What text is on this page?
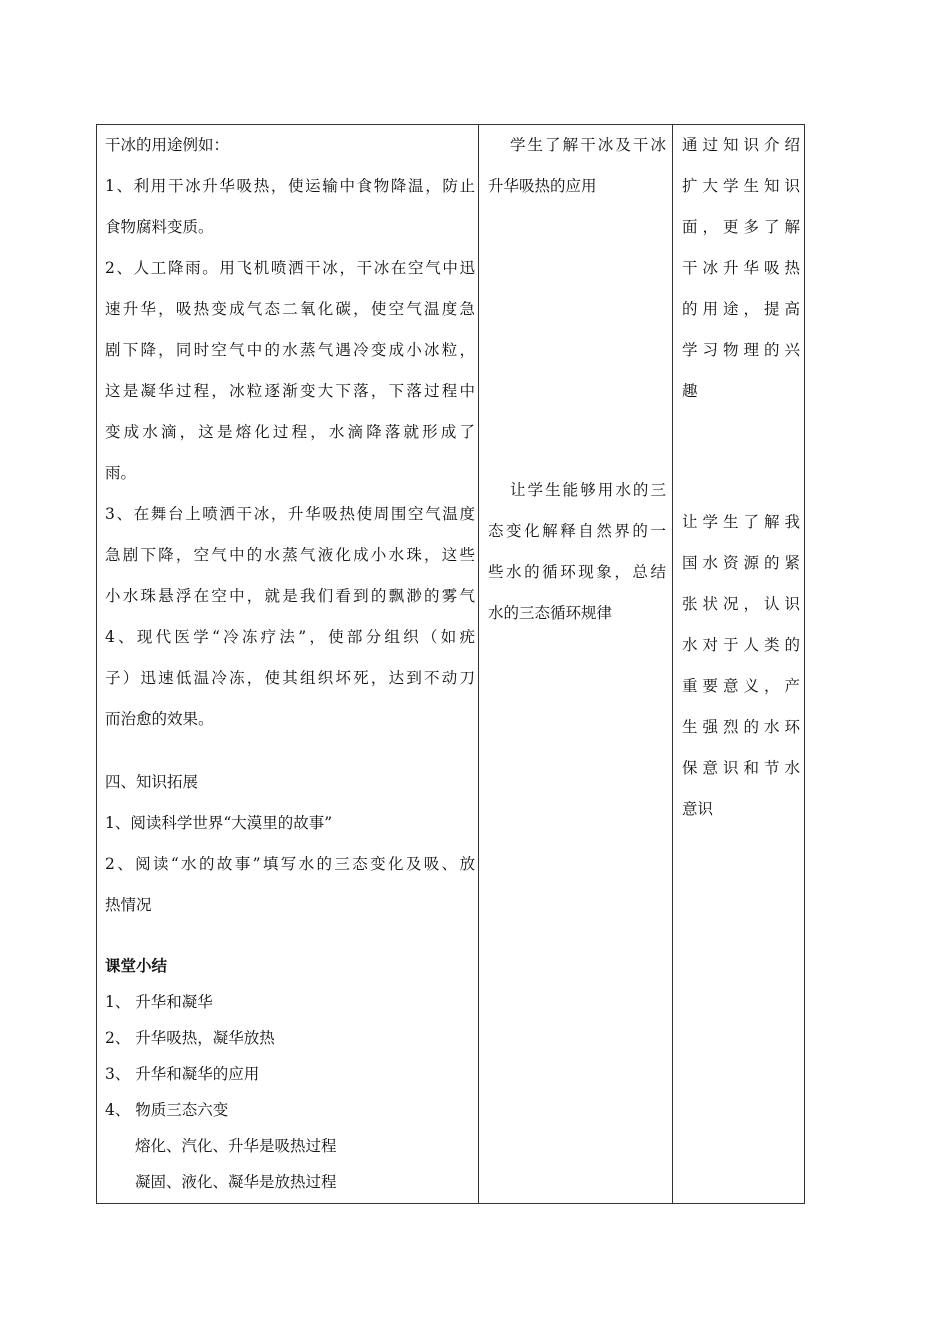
干冰的用途例如：
1、利用干冰升华吸热，使运输中食物降温，防止
食物腐料变质。
2、人工降雨。用飞机喷洒干冰，干冰在空气中迅
速升华，吸热变成气态二氧化碳，使空气温度急
剧下降，同时空气中的水蒸气遇冷变成小冰粒，
这是凝华过程，冰粒逐渐变大下落，下落过程中
变成水滴，这是熔化过程，水滴降落就形成了
雨。
3、在舞台上喷洒干冰，升华吸热使周围空气温度
急剧下降，空气中的水蒸气液化成小水珠，这些
小水珠悬浮在空中，就是我们看到的飘渺的雾气
4、现代医学“冷冻疗法”，使部分组织（如疣
子）迅速低温冷冻，使其组织坏死，达到不动刀
而治愈的效果。
四、知识拓展
1、阅读科学世界“大漠里的故事”
2、阅读“水的故事”填写水的三态变化及吸、放
热情况
课堂小结
1、 升华和凝华
2、 升华吸热，凝华放热
3、 升华和凝华的应用
4、 物质三态六变
熔化、汽化、升华是吸热过程
凝固、液化、凝华是放热过程
学生了解干冰及干冰
升华吸热的应用
让学生能够用水的三
态变化解释自然界的一
些水的循环现象，总结
水的三态循环规律
通过知识介绍
扩大学生知识
面，更多了解
干冰升华吸热
的用途，提高
学习物理的兴
趣
让学生了解我
国水资源的紧
张状况，认识
水对于人类的
重要意义，产
生强烈的水环
保意识和节水
意识
